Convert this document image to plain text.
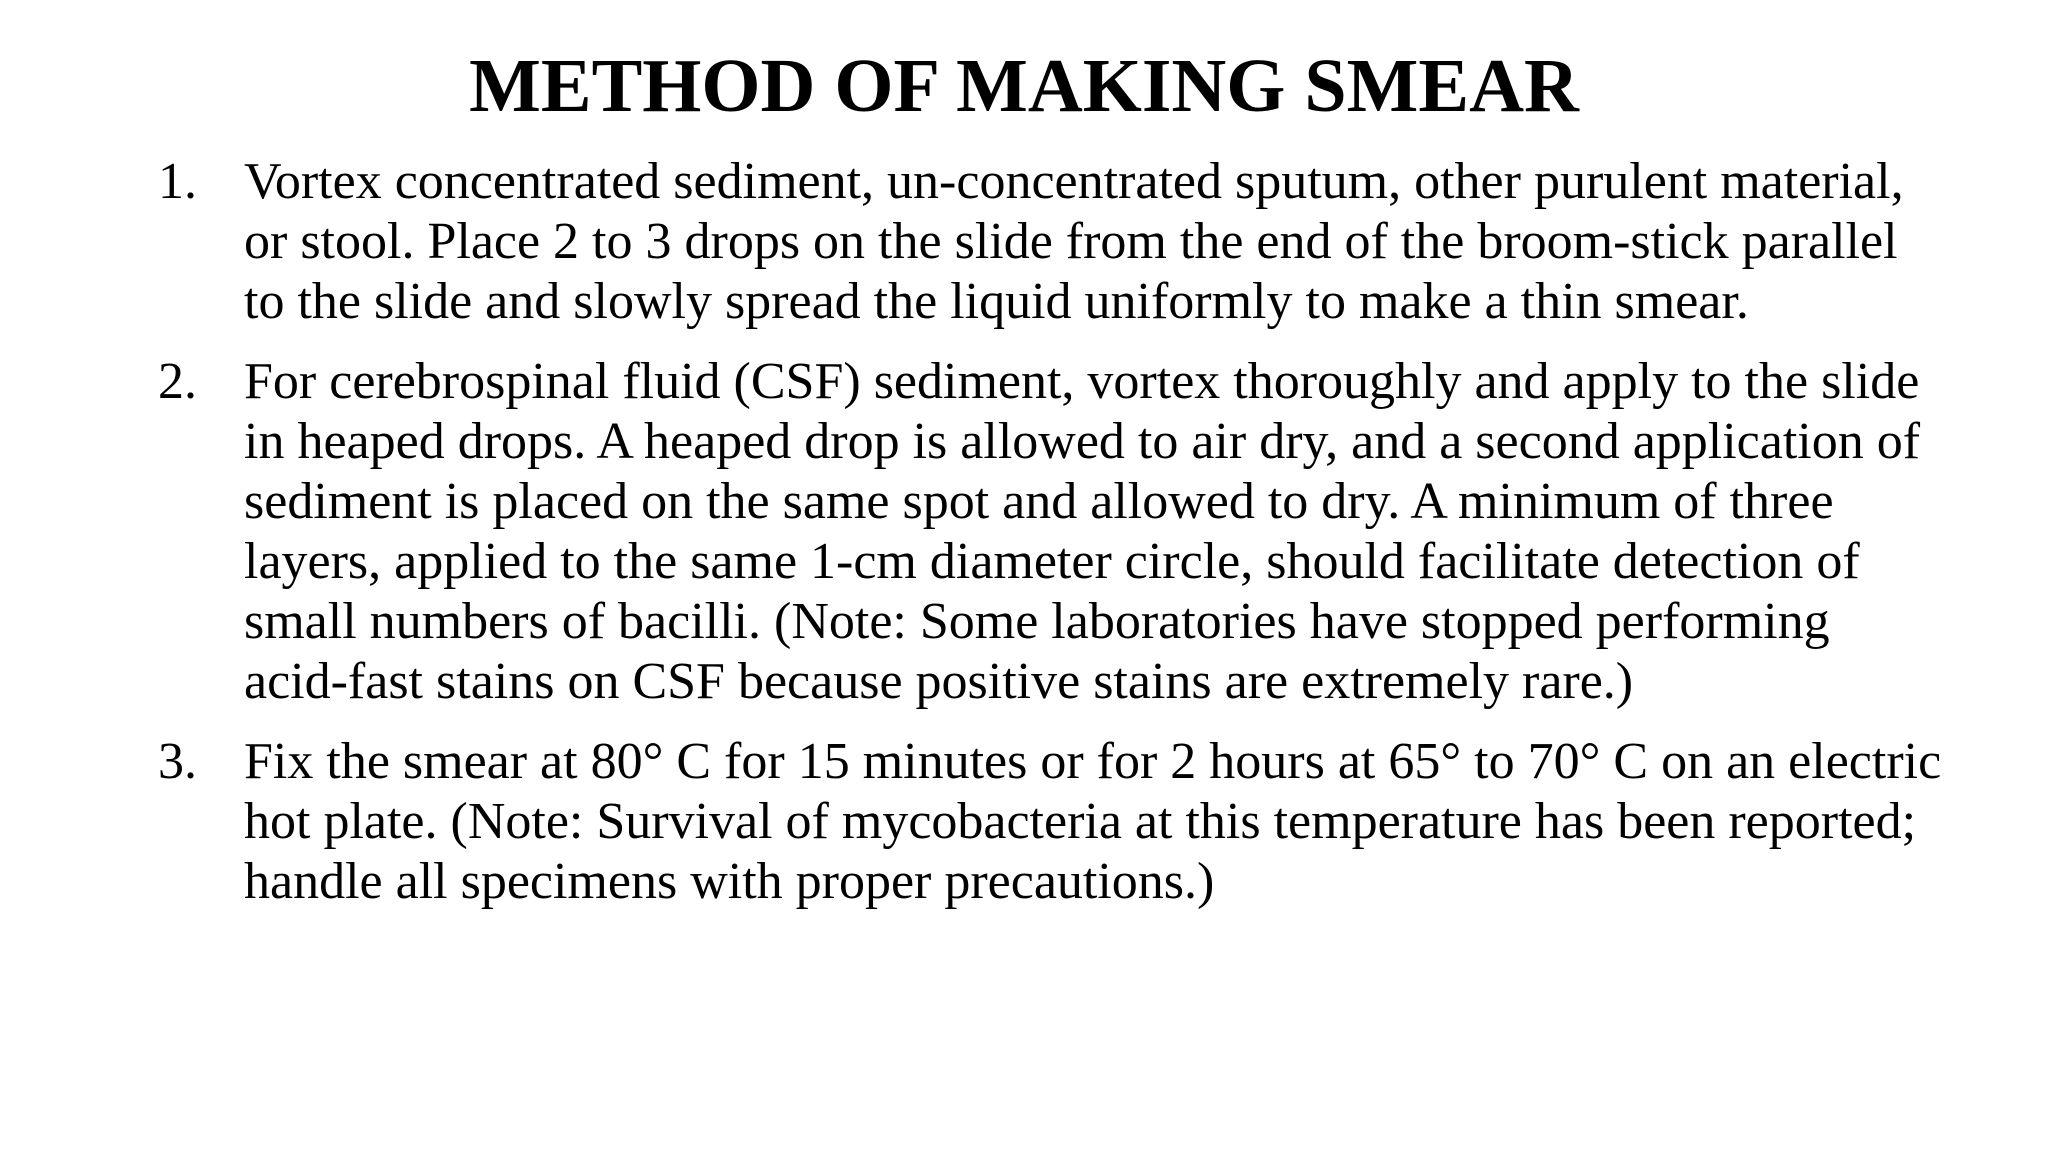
METHOD OF MAKING SMEAR
1. Vortex concentrated sediment, un-concentrated sputum, other purulent material, or stool. Place 2 to 3 drops on the slide from the end of the broom-stick parallel to the slide and slowly spread the liquid uniformly to make a thin smear.
2. For cerebrospinal fluid (CSF) sediment, vortex thoroughly and apply to the slide in heaped drops. A heaped drop is allowed to air dry, and a second application of sediment is placed on the same spot and allowed to dry. A minimum of three layers, applied to the same 1-cm diameter circle, should facilitate detection of small numbers of bacilli. (Note: Some laboratories have stopped performing acid-fast stains on CSF because positive stains are extremely rare.)
3. Fix the smear at 80° C for 15 minutes or for 2 hours at 65° to 70° C on an electric hot plate. (Note: Survival of mycobacteria at this temperature has been reported; handle all specimens with proper precautions.)
